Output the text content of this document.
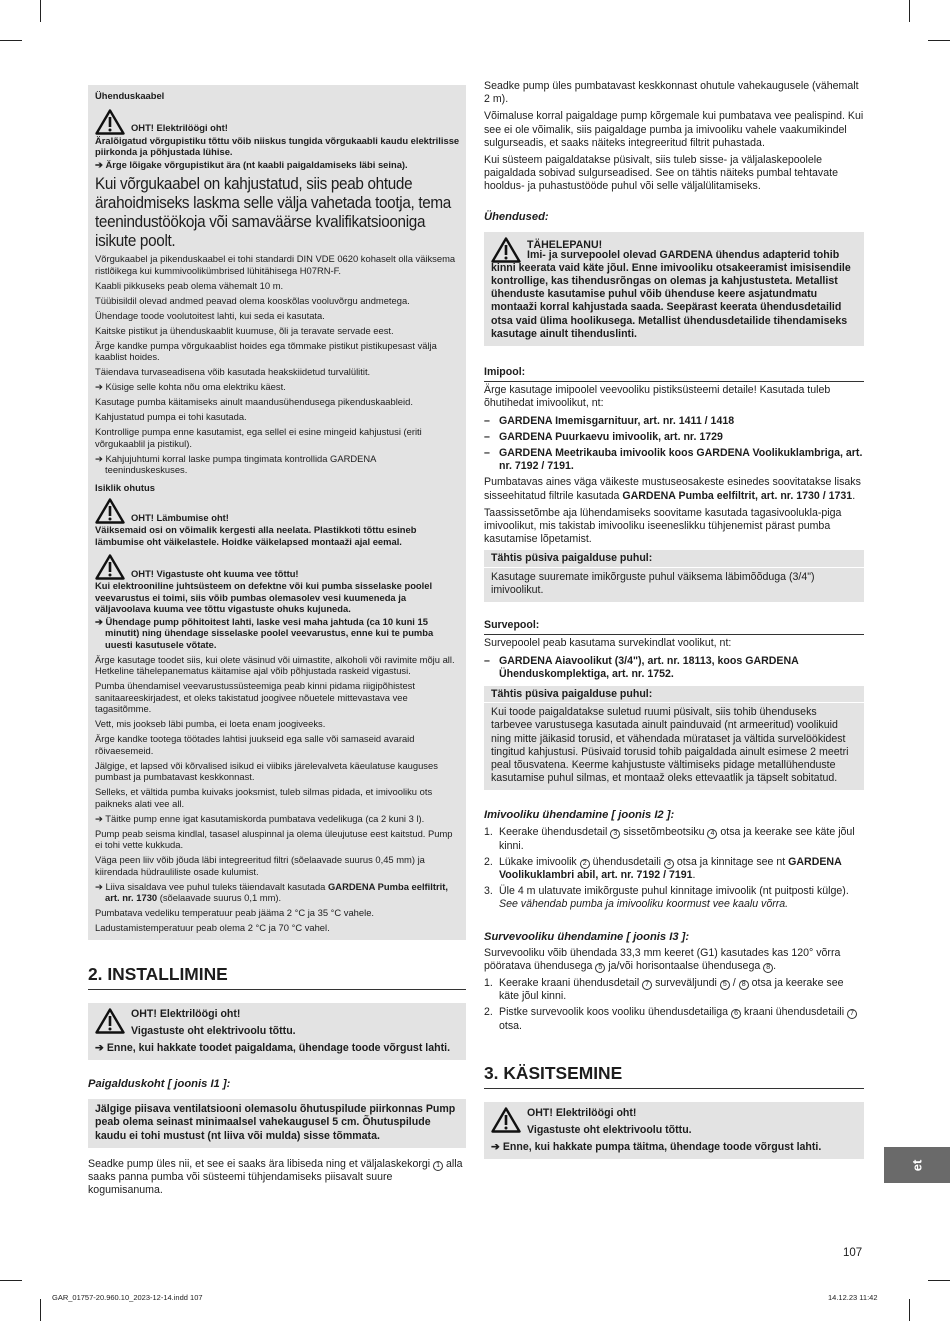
Ühenduskaabel

OHT! Elektrilöögi oht!

Äralõigatud võrgupistiku tõttu võib niiskus tungida võrgukaabli kaudu elektrilisse piirkonda ja põhjustada lühise.

➔ Ärge lõigake võrgupistikut ära (nt kaabli paigaldamiseks läbi seina).

Kui võrgukaabel on kahjustatud, siis peab ohtude ärahoidmiseks laskma selle välja vahetada tootja, tema teenindustöökoja või samaväärse kvalifikatsiooniga isikute poolt.

Võrgukaabel ja pikenduskaabel ei tohi standardi DIN VDE 0620 kohaselt olla väiksema ristlõikega kui kummivoolikümbrised lühitähisega H07RN-F.

Kaabli pikkuseks peab olema vähemalt 10 m.

Tüübisildil olevad andmed peavad olema kooskõlas vooluvõrgu andmetega.

Ühendage toode voolutoitest lahti, kui seda ei kasutata.

Kaitske pistikut ja ühenduskaablit kuumuse, õli ja teravate servade eest.

Ärge kandke pumpa võrgukaablist hoides ega tõmmake pistikut pistikupesast välja kaablist hoides.

Täiendava turvaseadisena võib kasutada heakskiidetud turvalülitit.

➔ Küsige selle kohta nõu oma elektriku käest.

Kasutage pumba käitamiseks ainult maandusühendusega pikenduskaableid.

Kahjustatud pumpa ei tohi kasutada.

Kontrollige pumpa enne kasutamist, ega sellel ei esine mingeid kahjustusi (eriti võrgukaablil ja pistikul).

➔ Kahjujuhtumi korral laske pumpa tingimata kontrollida GARDENA teeninduskeskuses.

Isiklik ohutus

OHT! Lämbumise oht!

Väiksemaid osi on võimalik kergesti alla neelata. Plastikkoti tõttu esineb lämbumise oht väikelastele. Hoidke väikelapsed montaaži ajal eemal.

OHT! Vigastuste oht kuuma vee tõttu!

Kui elektrooniline juhtsüsteem on defektne või kui pumba sisselaske poolel veevarustus ei toimi, siis võib pumbas olemasolev vesi kuumeneda ja väljavoolava kuuma vee tõttu vigastuste ohuks kujuneda.

➔ Ühendage pump põhitoitest lahti, laske vesi maha jahtuda (ca 10 kuni 15 minutit) ning ühendage sisselaske poolel veevarustus, enne kui te pumba uuesti kasutusele võtate.

Ärge kasutage toodet siis, kui olete väsinud või uimastite, alkoholi või ravimite mõju all. Hetkeline tähelepanematus käitamise ajal võib põhjustada raskeid vigastusi.

Pumba ühendamisel veevarustussüsteemiga peab kinni pidama riigipõhistest sanitaareeskirjadest, et oleks takistatud joogivee nõuetele mittevastava vee tagasitõmme.

Vett, mis jookseb läbi pumba, ei loeta enam joogiveeks.

Ärge kandke tootega töötades lahtisi juukseid ega salle või samaseid avaraid rõivaesemeid.

Jälgige, et lapsed või kõrvalised isikud ei viibiks järelevalveta käeulatuse kauguses pumbast ja pumbatavast keskkonnast.

Selleks, et vältida pumba kuivaks jooksmist, tuleb silmas pidada, et imivooliku ots paikneks alati vee all.

➔ Täitke pump enne igat kasutamiskorda pumbatava vedelikuga (ca 2 kuni 3 l).

Pump peab seisma kindlal, tasasel aluspinnal ja olema üleujutuse eest kaitstud. Pump ei tohi vette kukkuda.

Väga peen liiv võib jõuda läbi integreeritud filtri (sõelaavade suurus 0,45 mm) ja kiirendada hüdrauliliste osade kulumist.

➔ Liiva sisaldava vee puhul tuleks täiendavalt kasutada GARDENA Pumba eelfiltrit, art. nr. 1730 (sõelaavade suurus 0,1 mm).

Pumbatava vedeliku temperatuur peab jääma 2 °C ja 35 °C vahele.

Ladustamistemperatuur peab olema 2 °C ja 70 °C vahel.

2. INSTALLIMINE

OHT! Elektrilöögi oht!

Vigastuste oht elektrivoolu tõttu.

➔ Enne, kui hakkate toodet paigaldama, ühendage toode võrgust lahti.

Paigalduskoht [ joonis I1 ]:

Jälgige piisava ventilatsiooni olemasolu õhutuspilude piirkonnas Pump peab olema seinast minimaalsel vahekaugusel 5 cm. Õhutuspilude kaudu ei tohi mustust (nt liiva või mulda) sisse tõmmata.

Seadke pump üles nii, et see ei saaks ära libiseda ning et väljalaskekorgi 1 alla saaks panna pumba või süsteemi tühjendamiseks piisavalt suure kogumisanuma.

Seadke pump üles pumbatavast keskkonnast ohutule vahekaugusele (vähemalt 2 m).

Võimaluse korral paigaldage pump kõrgemale kui pumbatava vee pealispind. Kui see ei ole võimalik, siis paigaldage pumba ja imivooliku vahele vaakumikindel sulgurseadis, et saaks näiteks integreeritud filtrit puhastada.

Kui süsteem paigaldatakse püsivalt, siis tuleb sisse- ja väljalaskepoolele paigaldada sobivad sulgurseadised. See on tähtis näiteks pumbal tehtavate hooldus- ja puhastustööde puhul või selle väljalülitamiseks.

Ühendused:

TÄHELEPANU!

Imi- ja survepoolel olevad GARDENA ühendus adapterid tohib kinni keerata vaid käte jõul. Enne imivooliku otsakeeramist imisisendile kontrollige, kas tihendusrõngas on olemas ja kahjustusteta. Metallist ühenduste kasutamise puhul võib ühenduse keere asjatundmatu montaaži korral kahjustada saada. Seepärast keerata ühendusdetailid otsa vaid ülima hoolikusega. Metallist ühendusdetailide tihendamiseks kasutage ainult tihenduslinti.

Imipool:

Ärge kasutage imipoolel veevooliku pistiksüsteemi detaile! Kasutada tuleb õhutihedat imivoolikut, nt:

– GARDENA Imemisgarnituur, art. nr. 1411 / 1418
– GARDENA Puurkaevu imivoolik, art. nr. 1729
– GARDENA Meetrikauba imivoolik koos GARDENA Voolikuklambriga, art. nr. 7192 / 7191.

Pumbatavas aines väga väikeste mustuseosakeste esinedes soovitatakse lisaks sisseehitatud filtrile kasutada GARDENA Pumba eelfiltrit, art. nr. 1730 / 1731.

Taassissetõmbe aja lühendamiseks soovitame kasutada tagasivoolukla-piga imivoolikut, mis takistab imivooliku iseeneslikku tühjenemist pärast pumba kasutamise lõpetamist.

Tähtis püsiva paigalduse puhul:

Kasutage suuremate imikõrguste puhul väiksema läbimõõduga (3/4") imivoolikut.

Survepool:

Survepoolel peab kasutama survekindlat voolikut, nt:

– GARDENA Aiavoolikut (3/4"), art. nr. 18113, koos GARDENA Ühenduskomplektiga, art. nr. 1752.

Tähtis püsiva paigalduse puhul:

Kui toode paigaldatakse suletud ruumi püsivalt, siis tohib ühenduseks tarbevee varustusega kasutada ainult painduvaid (nt armeeritud) voolikuid ning mitte jäikasid torusid, et vähendada mürataset ja vältida survelöökidest tingitud kahjustusi. Püsivaid torusid tohib paigaldada ainult esimese 2 meetri peal tõusvatena. Keerme kahjustuste vältimiseks pidage metallühenduste kasutamise puhul silmas, et montaaž oleks ettevaatlik ja täpselt sobitatud.

Imivooliku ühendamine [ joonis I2 ]:

1. Keerake ühendusdetail 3 sissetõmbeotsiku 4 otsa ja keerake see käte jõul kinni.
2. Lükake imivoolik 2 ühendusdetaili 3 otsa ja kinnitage see nt GARDENA Voolikuklambri abil, art. nr. 7192 / 7191.
3. Üle 4 m ulatuvate imikõrguste puhul kinnitage imivoolik (nt puitposti külge).
See vähendab pumba ja imivooliku koormust vee kaalu võrra.

Survevooliku ühendamine [ joonis I3 ]:

Survevooliku võib ühendada 33,3 mm keeret (G1) kasutades kas 120° võrra pööratava ühendusega 5 ja/või horisontaalse ühendusega 8 .

1. Keerake kraani ühendusdetail 7 surveväljundi 5 / 8 otsa ja keerake see käte jõul kinni.
2. Pistke survevoolik koos vooliku ühendusdetailiga 6 kraani ühendusdetaili 7 otsa.
3. KÄSITSEMINE

OHT! Elektrilöögi oht!

Vigastuste oht elektrivoolu tõttu.

➔ Enne, kui hakkate pumpa täitma, ühendage toode võrgust lahti.

et
107
GAR_01757-20.960.10_2023-12-14.indd 107	14.12.23 11:42
